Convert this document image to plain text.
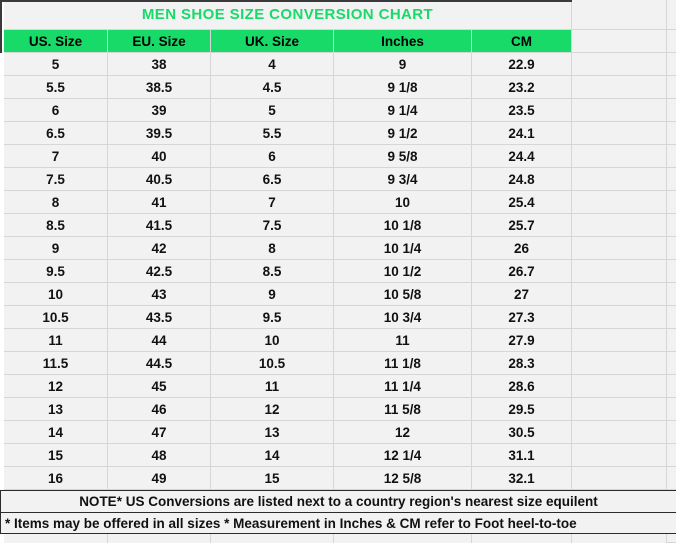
MEN SHOE SIZE CONVERSION CHART
US. Size	EU. Size	UK. Size	Inches	CM
5	38	4	9	22.9
5.5	38.5	4.5	9 1/8	23.2
6	39	5	9 1/4	23.5
6.5	39.5	5.5	9 1/2	24.1
7	40	6	9 5/8	24.4
7.5	40.5	6.5	9 3/4	24.8
8	41	7	10	25.4
8.5	41.5	7.5	10 1/8	25.7
9	42	8	10 1/4	26
9.5	42.5	8.5	10 1/2	26.7
10	43	9	10 5/8	27
10.5	43.5	9.5	10 3/4	27.3
11	44	10	11	27.9
11.5	44.5	10.5	11 1/8	28.3
12	45	11	11 1/4	28.6
13	46	12	11 5/8	29.5
14	47	13	12	30.5
15	48	14	12 1/4	31.1
16	49	15	12 5/8	32.1
NOTE* US Conversions are listed next to a country region's nearest size equilent
* Items may be offered in all sizes * Measurement in Inches & CM refer to Foot heel-to-toe
